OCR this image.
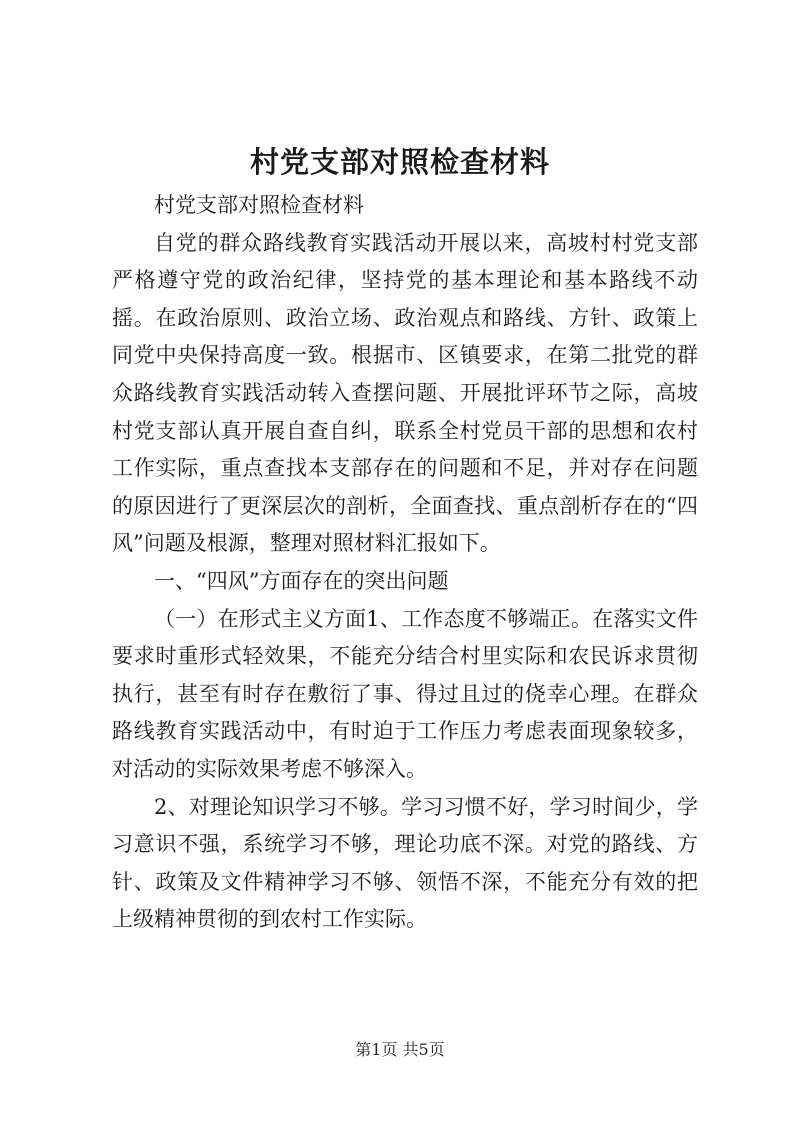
村党支部对照检查材料

村党支部对照检查材料

自党的群众路线教育实践活动开展以来，高坡村村党支部严格遵守党的政治纪律，坚持党的基本理论和基本路线不动摇。在政治原则、政治立场、政治观点和路线、方针、政策上同党中央保持高度一致。根据市、区镇要求，在第二批党的群众路线教育实践活动转入查摆问题、开展批评环节之际，高坡村党支部认真开展自查自纠，联系全村党员干部的思想和农村工作实际，重点查找本支部存在的问题和不足，并对存在问题的原因进行了更深层次的剖析，全面查找、重点剖析存在的“四风”问题及根源，整理对照材料汇报如下。

一、“四风”方面存在的突出问题

（一）在形式主义方面1、工作态度不够端正。在落实文件要求时重形式轻效果，不能充分结合村里实际和农民诉求贯彻执行，甚至有时存在敷衍了事、得过且过的侥幸心理。在群众路线教育实践活动中，有时迫于工作压力考虑表面现象较多，对活动的实际效果考虑不够深入。

2、对理论知识学习不够。学习习惯不好，学习时间少，学习意识不强，系统学习不够，理论功底不深。对党的路线、方针、政策及文件精神学习不够、领悟不深，不能充分有效的把上级精神贯彻的到农村工作实际。

第1页 共5页
